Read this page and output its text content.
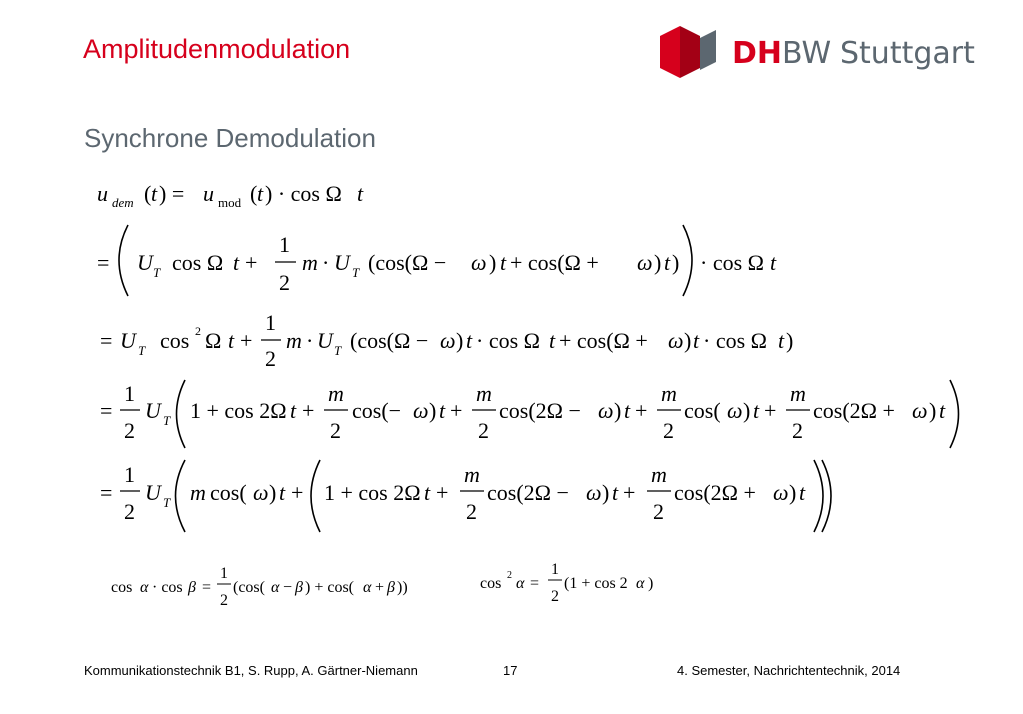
Amplitudenmodulation	DH BW Stuttgart
Synchrone Demodulation
u dem ( t ) = u mod ( t ) · cos Ω t
= U T cos Ω t +
1
2
m · U T (cos(Ω − ω ) t + cos(Ω + ω ) t ) · cos Ω t
= U T cos 2 Ω t +
1
2
m · U T (cos(Ω − ω ) t · cos Ω t + cos(Ω + ω ) t · cos Ω t )
=
1
2
U T 1 + cos 2Ω t +
m
2
cos(− ω ) t +
m
2
cos(2Ω − ω ) t +
m
2
cos( ω ) t +
m
2
cos(2Ω + ω ) t
=
1
2
U T m cos( ω ) t + 1 + cos 2Ω t +
m
2
cos(2Ω − ω ) t +
m
2
cos(2Ω + ω ) t
cos α · cos β =
1
2
(cos( α − β ) + cos( α + β ))	cos 2 α =
1
2
(1 + cos 2 α )
Kommunikationstechnik B1, S. Rupp, A. Gärtner-Niemann	17	4. Semester, Nachrichtentechnik, 2014
